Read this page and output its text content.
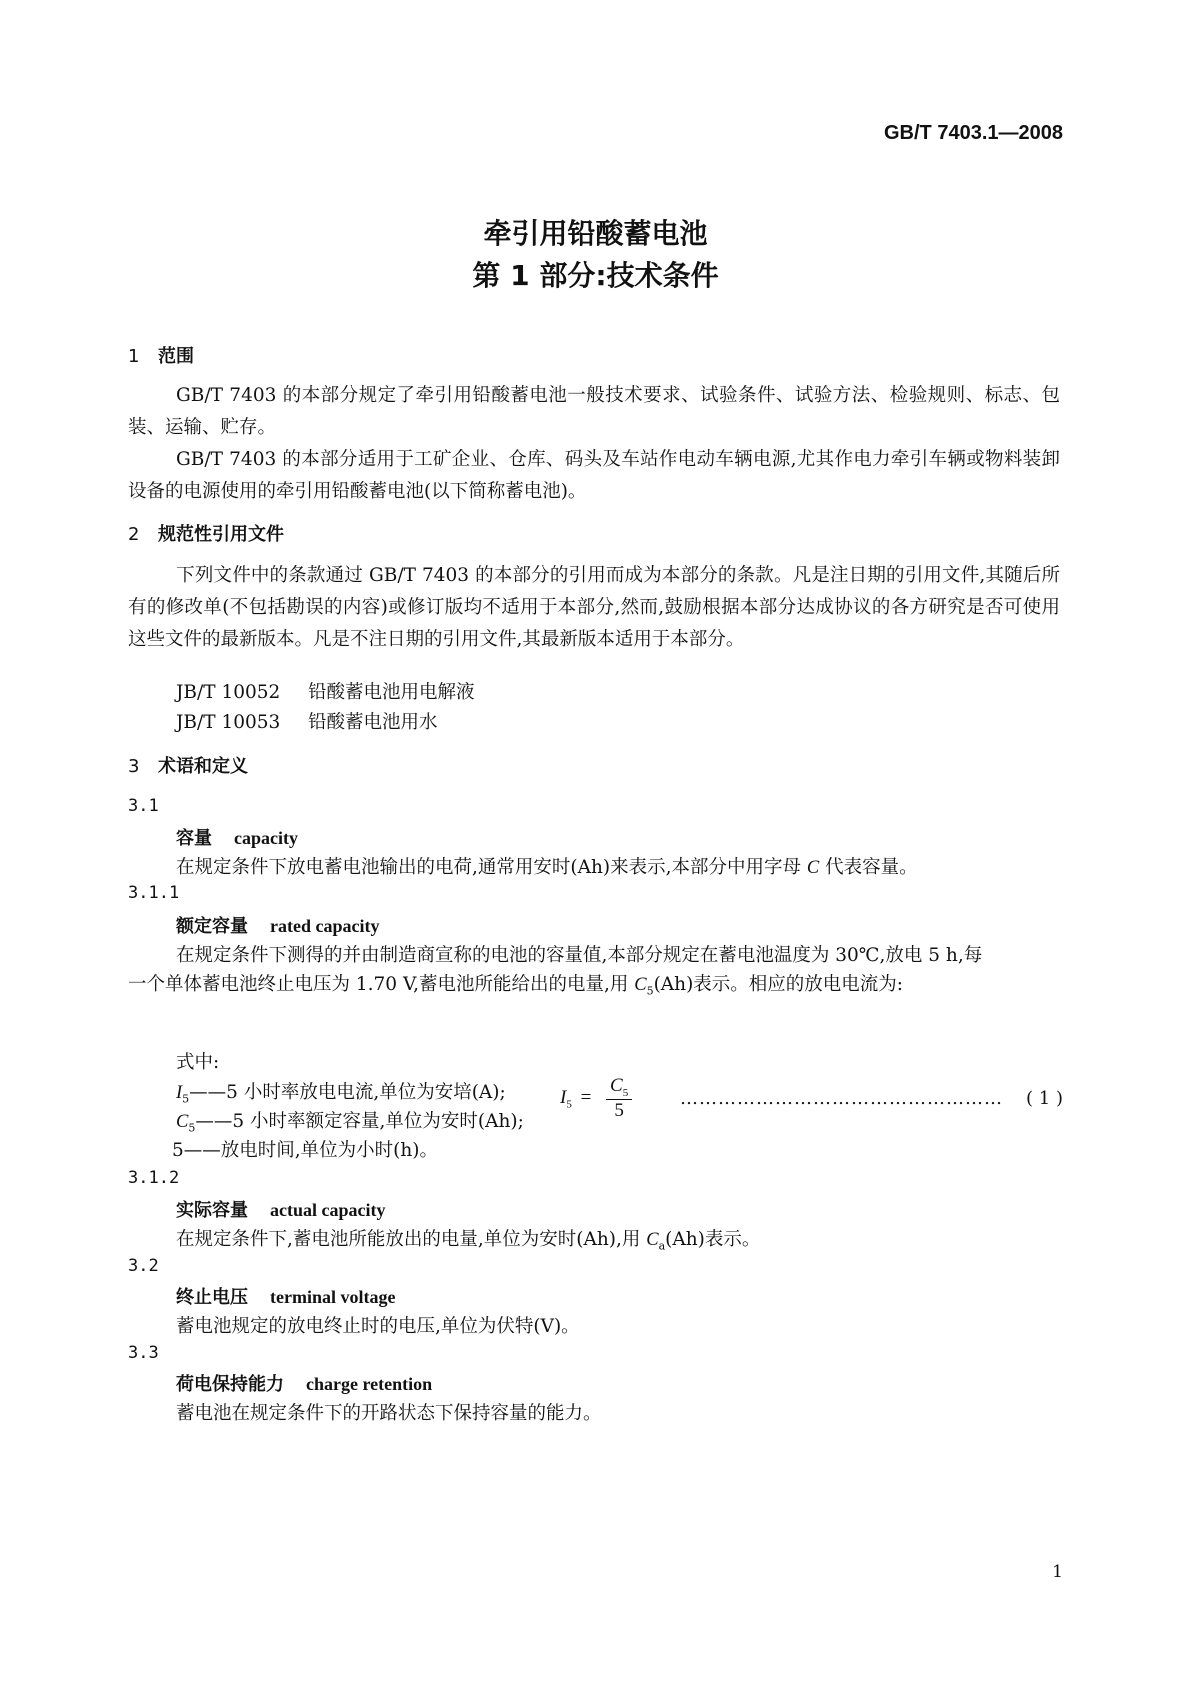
GB/T 7403.1—2008
牵引用铅酸蓄电池
第 1 部分:技术条件
1 范围
GB/T 7403 的本部分规定了牵引用铅酸蓄电池一般技术要求、试验条件、试验方法、检验规则、标志、包装、运输、贮存。
GB/T 7403 的本部分适用于工矿企业、仓库、码头及车站作电动车辆电源,尤其作电力牵引车辆或物料装卸设备的电源使用的牵引用铅酸蓄电池(以下简称蓄电池)。
2 规范性引用文件
下列文件中的条款通过 GB/T 7403 的本部分的引用而成为本部分的条款。凡是注日期的引用文件,其随后所有的修改单(不包括勘误的内容)或修订版均不适用于本部分,然而,鼓励根据本部分达成协议的各方研究是否可使用这些文件的最新版本。凡是不注日期的引用文件,其最新版本适用于本部分。
JB/T 10052 铅酸蓄电池用电解液
JB/T 10053 铅酸蓄电池用水
3 术语和定义
3.1
容量 capacity
在规定条件下放电蓄电池输出的电荷,通常用安时(Ah)来表示,本部分中用字母 C 代表容量。
3.1.1
额定容量 rated capacity
在规定条件下测得的并由制造商宣称的电池的容量值,本部分规定在蓄电池温度为 30℃,放电 5 h,每
一个单体蓄电池终止电压为 1.70 V,蓄电池所能给出的电量,用 $C_5(Ah)$表示。相应的放电电流为:
$I_5 = \frac{C_5}{5}$	…………………………………………… ( 1 )
式中:
$I_5——5$ 小时率放电电流,单位为安培(A);
$C_5——5$ 小时率额定容量,单位为安时(Ah);
5——放电时间,单位为小时(h)。
3.1.2
实际容量 actual capacity
在规定条件下,蓄电池所能放出的电量,单位为安时(Ah),用 $C_a(Ah)$表示。
3.2
终止电压 terminal voltage
蓄电池规定的放电终止时的电压,单位为伏特(V)。
3.3
荷电保持能力 charge retention
蓄电池在规定条件下的开路状态下保持容量的能力。
1
